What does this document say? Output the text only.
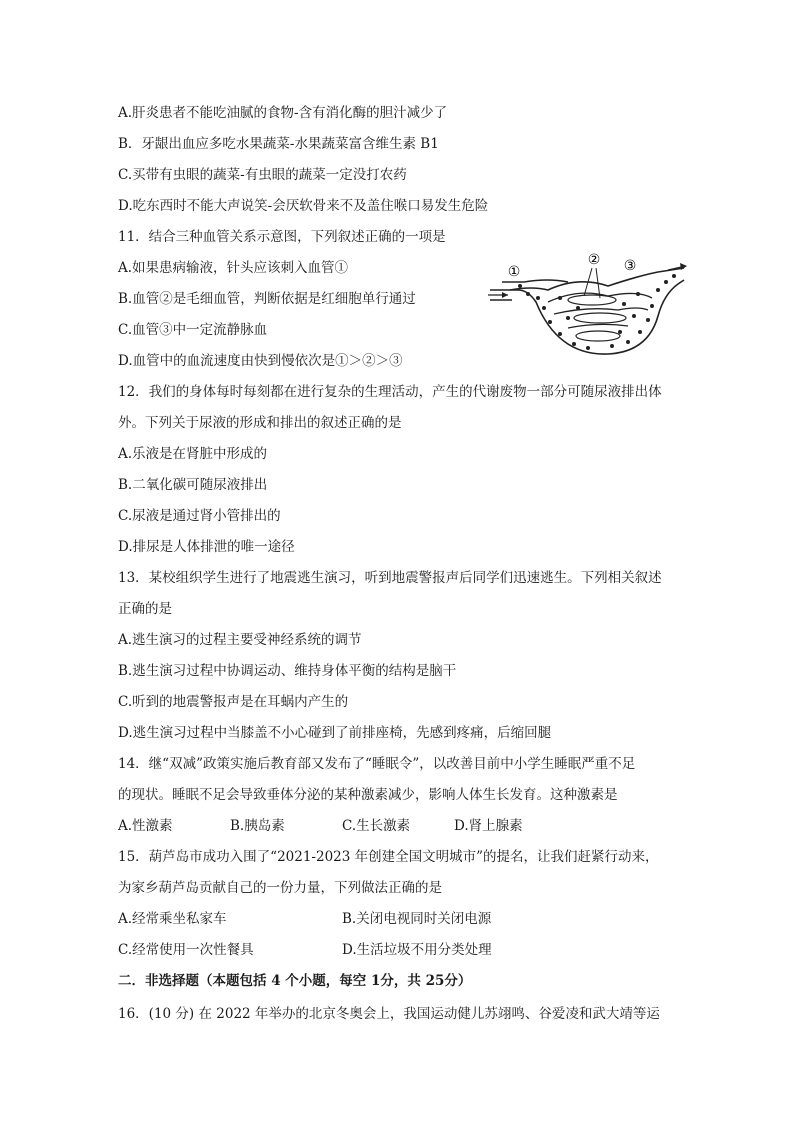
A.肝炎患者不能吃油腻的食物-含有消化酶的胆汁减少了
B．牙龈出血应多吃水果蔬菜-水果蔬菜富含维生素 B1
C.买带有虫眼的蔬菜-有虫眼的蔬菜一定没打农药
D.吃东西时不能大声说笑-会厌软骨来不及盖住喉口易发生危险
11．结合三种血管关系示意图，下列叙述正确的一项是
A.如果患病输液，针头应该刺入血管①
B.血管②是毛细血管，判断依据是红细胞单行通过
C.血管③中一定流静脉血
D.血管中的血流速度由快到慢依次是①＞②＞③
①
② ③
12．我们的身体每时每刻都在进行复杂的生理活动，产生的代谢废物一部分可随尿液排出体
外。下列关于尿液的形成和排出的叙述正确的是
A.乐液是在肾脏中形成的
B.二氧化碳可随尿液排出
C.尿液是通过肾小管排出的
D.排尿是人体排泄的唯一途径
13．某校组织学生进行了地震逃生演习，听到地震警报声后同学们迅速逃生。下列相关叙述
正确的是
A.逃生演习的过程主要受神经系统的调节
B.逃生演习过程中协调运动、维持身体平衡的结构是脑干
C.听到的地震警报声是在耳蜗内产生的
D.逃生演习过程中当膝盖不小心碰到了前排座椅，先感到疼痛，后缩回腿
14．继“双减”政策实施后教育部又发布了“睡眠令”，以改善目前中小学生睡眠严重不足
的现状。睡眠不足会导致垂体分泌的某种激素减少，影响人体生长发育。这种激素是
A.性激素	B.胰岛素	C.生长激素	D.肾上腺素
15．葫芦岛市成功入围了“2021-2023 年创建全国文明城市”的提名，让我们赶紧行动来，
为家乡葫芦岛贡献自己的一份力量，下列做法正确的是
A.经常乘坐私家车	B.关闭电视同时关闭电源
C.经常使用一次性餐具	D.生活垃圾不用分类处理
二．非选择题（本题包括 4 个小题，每空 1分，共 25分）
16．(10 分) 在 2022 年举办的北京冬奥会上，我国运动健儿苏翊鸣、谷爱凌和武大靖等运
